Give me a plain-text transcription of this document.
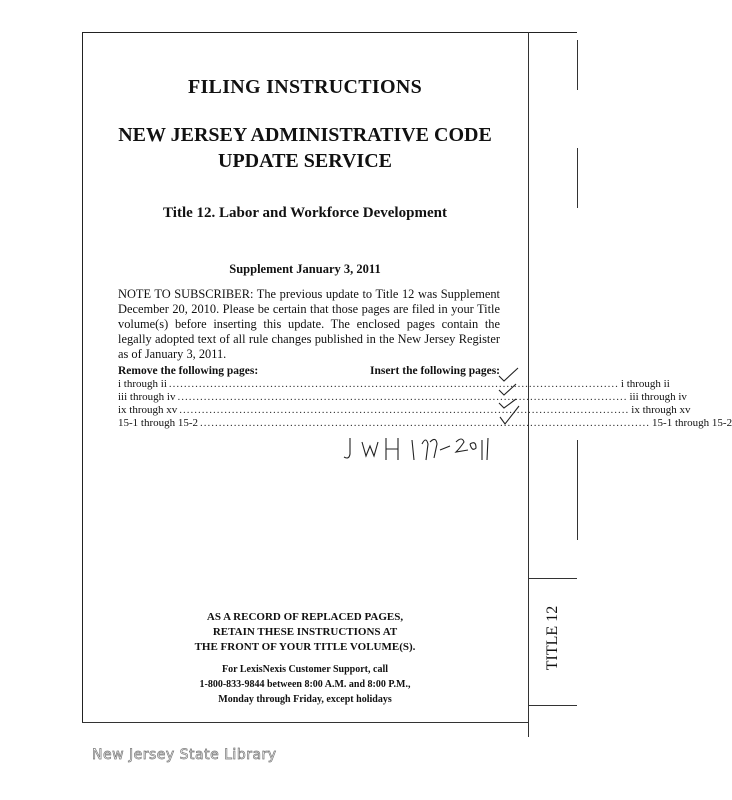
FILING INSTRUCTIONS
NEW JERSEY ADMINISTRATIVE CODE
UPDATE SERVICE
Title 12. Labor and Workforce Development
Supplement January 3, 2011
NOTE TO SUBSCRIBER: The previous update to Title 12 was Supplement December 20, 2010. Please be certain that those pages are filed in your Title volume(s) before inserting this update. The enclosed pages contain the legally adopted text of all rule changes published in the New Jersey Register as of January 3, 2011.
Remove the following pages:	Insert the following pages:
i through ii ........................................................................................................................ i through ii
iii through iv ........................................................................................................................ iii through iv
ix through xv ........................................................................................................................ ix through xv
15-1 through 15-2 ........................................................................................................................ 15-1 through 15-2
AS A RECORD OF REPLACED PAGES,
RETAIN THESE INSTRUCTIONS AT
THE FRONT OF YOUR TITLE VOLUME(S).
For LexisNexis Customer Support, call
1-800-833-9844 between 8:00 A.M. and 8:00 P.M.,
Monday through Friday, except holidays
TITLE 12
New Jersey State Library
